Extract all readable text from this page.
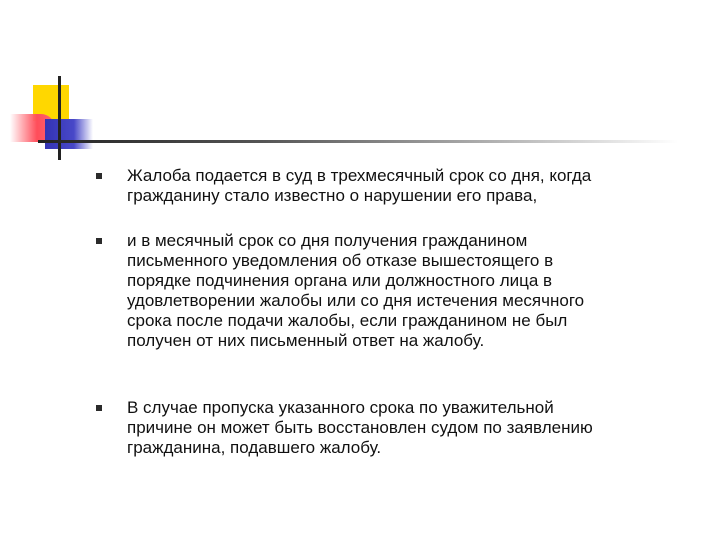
Жалоба подается в суд в трехмесячный срок со дня, когда
гражданину стало известно о нарушении его права,
и в месячный срок со дня получения гражданином
письменного уведомления об отказе вышестоящего в
порядке подчинения органа или должностного лица в
удовлетворении жалобы или со дня истечения месячного
срока после подачи жалобы, если гражданином не был
получен от них письменный ответ на жалобу.
В случае пропуска указанного срока по уважительной
причине он может быть восстановлен судом по заявлению
гражданина, подавшего жалобу.
